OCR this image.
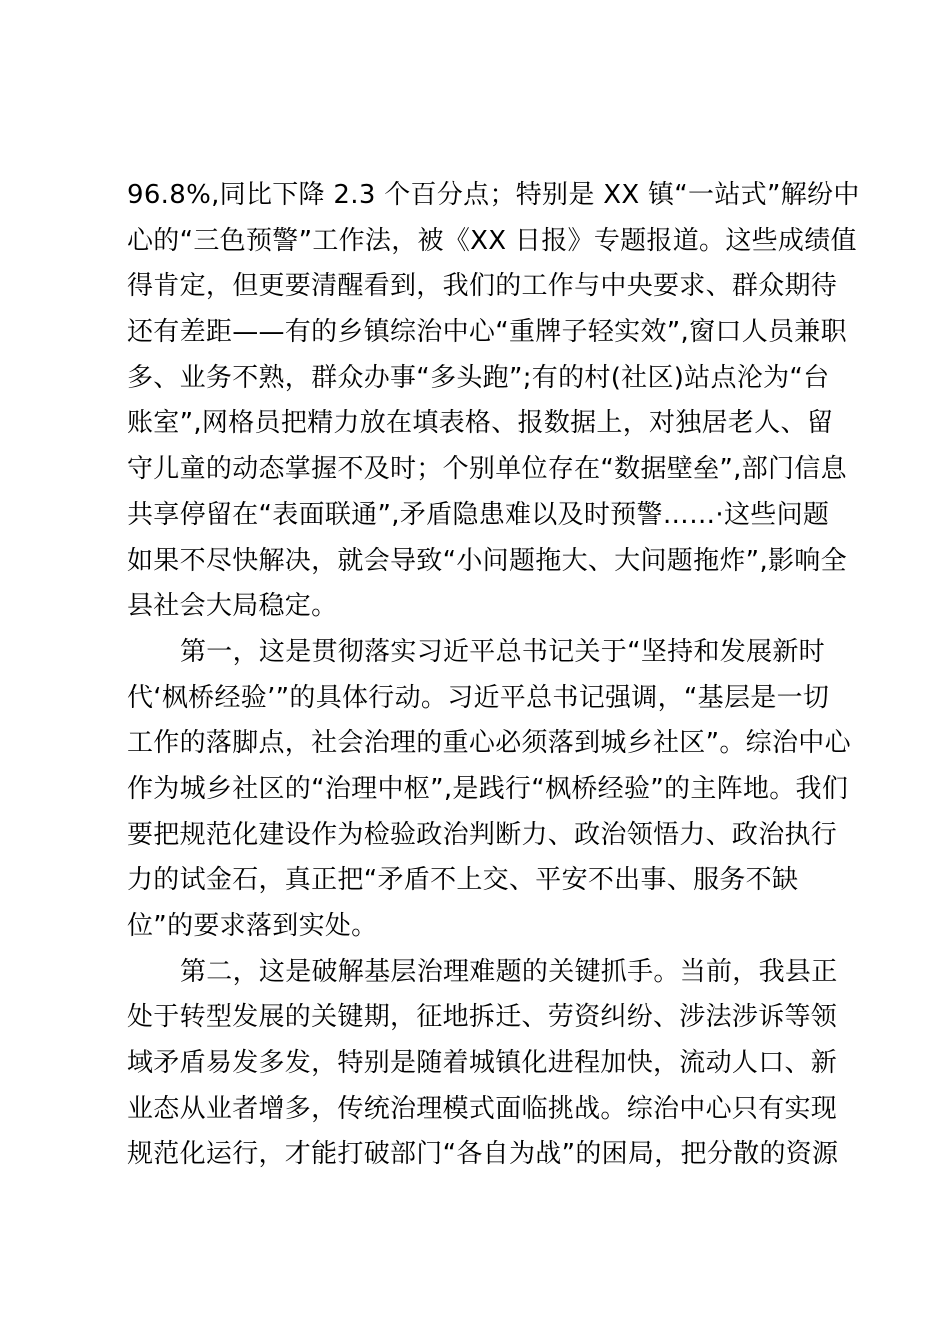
96.8%,同比下降 2.3 个百分点；特别是 XX 镇“一站式”解纷中
心的“三色预警”工作法，被《XX 日报》专题报道。这些成绩值
得肯定，但更要清醒看到，我们的工作与中央要求、群众期待
还有差距——有的乡镇综治中心“重牌子轻实效”,窗口人员兼职
多、业务不熟，群众办事“多头跑”;有的村(社区)站点沦为“台
账室”,网格员把精力放在填表格、报数据上，对独居老人、留
守儿童的动态掌握不及时；个别单位存在“数据壁垒”,部门信息
共享停留在“表面联通”,矛盾隐患难以及时预警……·这些问题
如果不尽快解决，就会导致“小问题拖大、大问题拖炸”,影响全
县社会大局稳定。
第一，这是贯彻落实习近平总书记关于“坚持和发展新时
代‘枫桥经验’”的具体行动。习近平总书记强调，“基层是一切
工作的落脚点，社会治理的重心必须落到城乡社区”。综治中心
作为城乡社区的“治理中枢”,是践行“枫桥经验”的主阵地。我们
要把规范化建设作为检验政治判断力、政治领悟力、政治执行
力的试金石，真正把“矛盾不上交、平安不出事、服务不缺
位”的要求落到实处。
第二，这是破解基层治理难题的关键抓手。当前，我县正
处于转型发展的关键期，征地拆迁、劳资纠纷、涉法涉诉等领
域矛盾易发多发，特别是随着城镇化进程加快，流动人口、新
业态从业者增多，传统治理模式面临挑战。综治中心只有实现
规范化运行，才能打破部门“各自为战”的困局，把分散的资源
